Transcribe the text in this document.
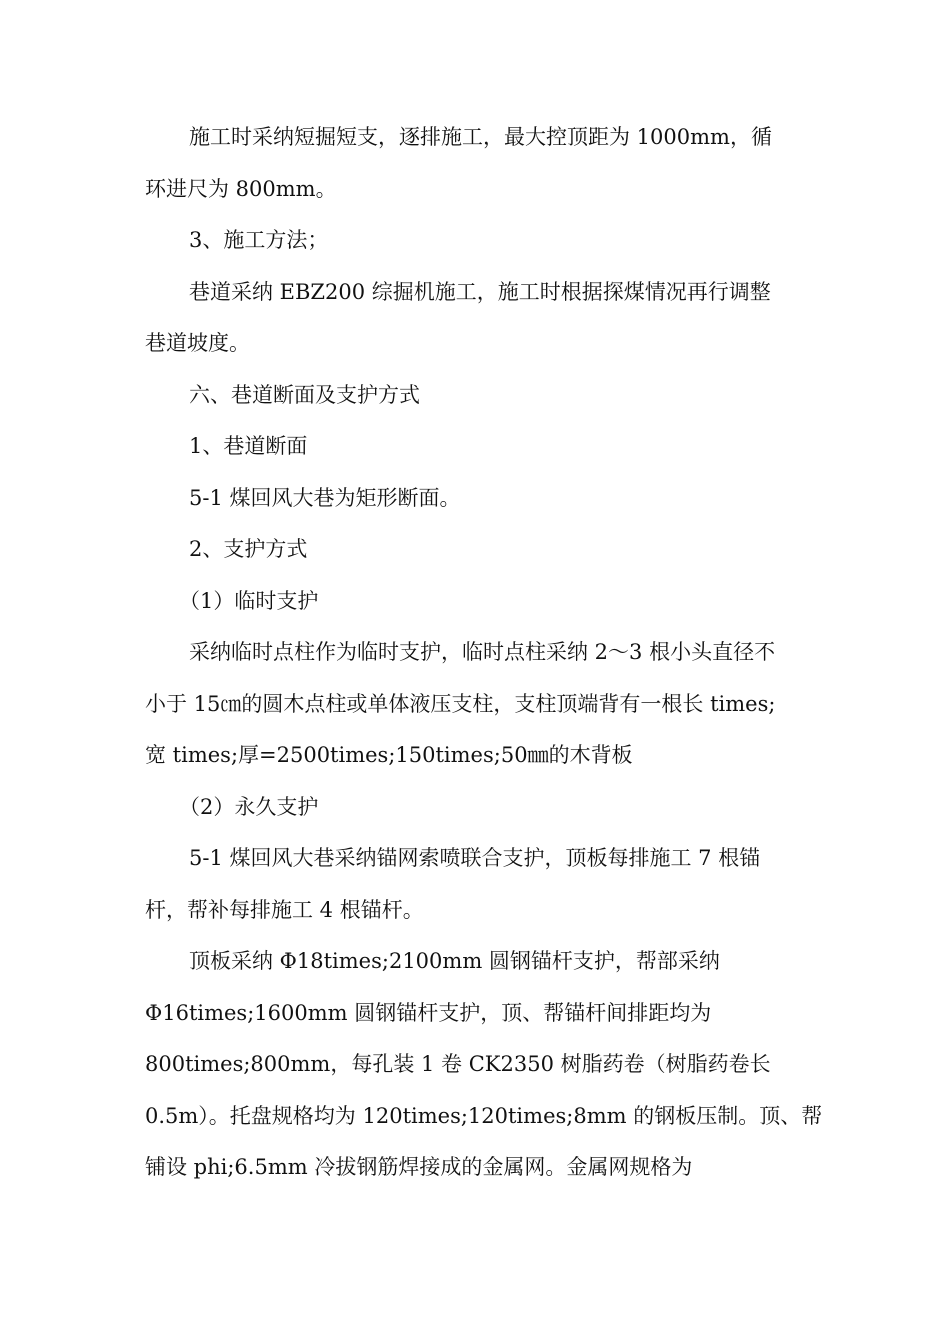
施工时采纳短掘短支，逐排施工，最大控顶距为 1000mm，循
环进尺为 800mm。
3、施工方法；
巷道采纳 EBZ200 综掘机施工，施工时根据探煤情况再行调整
巷道坡度。
六、巷道断面及支护方式
1、巷道断面
5-1 煤回风大巷为矩形断面。
2、支护方式
（1）临时支护
采纳临时点柱作为临时支护，临时点柱采纳 2～3 根小头直径不
小于 15㎝的圆木点柱或单体液压支柱，支柱顶端背有一根长 times;
宽 times;厚=2500times;150times;50㎜的木背板
（2）永久支护
5-1 煤回风大巷采纳锚网索喷联合支护，顶板每排施工 7 根锚
杆，帮补每排施工 4 根锚杆。
顶板采纳 Φ18times;2100mm 圆钢锚杆支护，帮部采纳
Φ16times;1600mm 圆钢锚杆支护，顶、帮锚杆间排距均为
800times;800mm，每孔装 1 卷 CK2350 树脂药卷（树脂药卷长
0.5m）。托盘规格均为 120times;120times;8mm 的钢板压制。顶、帮
铺设 phi;6.5mm 冷拔钢筋焊接成的金属网。金属网规格为
